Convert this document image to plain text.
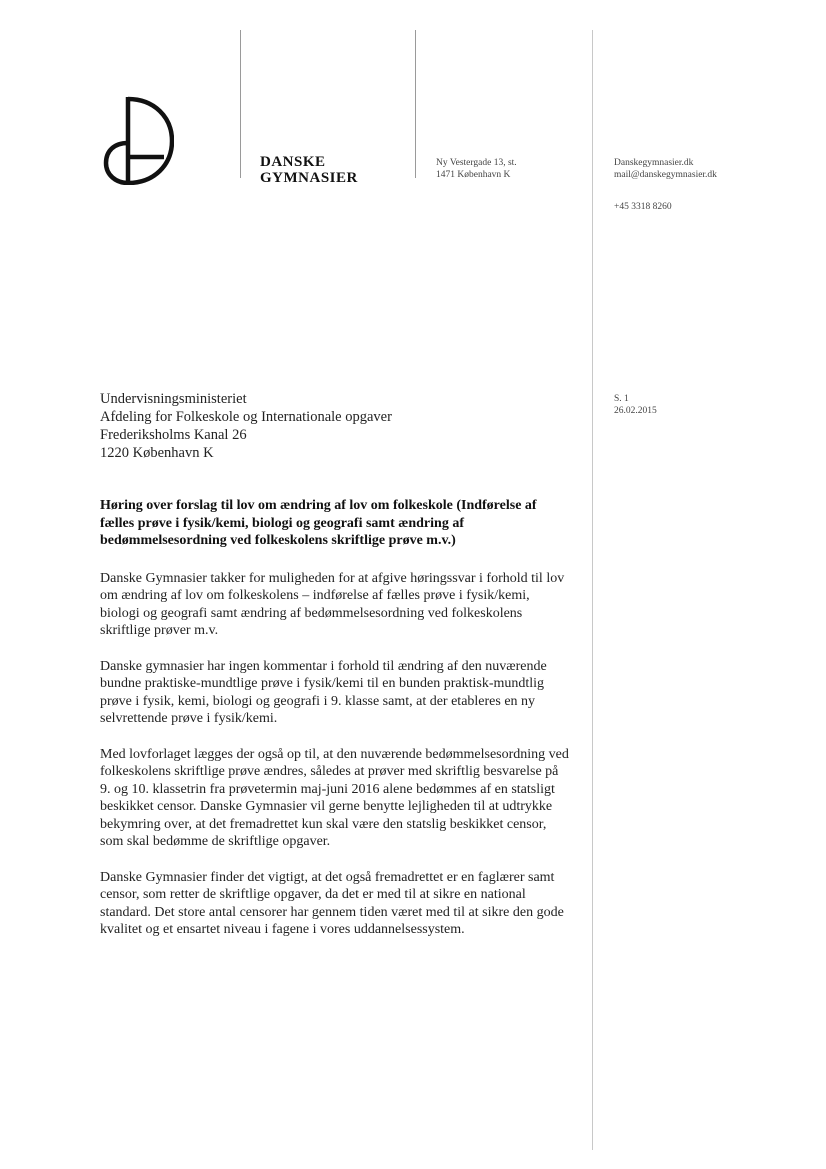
DANSKE
GYMNASIER
Ny Vestergade 13, st.
1471 København K
Danskegymnasier.dk
mail@danskegymnasier.dk
+45 3318 8260
S. 1
26.02.2015
Undervisningsministeriet
Afdeling for Folkeskole og Internationale opgaver
Frederiksholms Kanal 26
1220 København K

Høring over forslag til lov om ændring af lov om folkeskole (Indførelse af fælles prøve i fysik/kemi, biologi og geografi samt ændring af bedømmelsesordning ved folkeskolens skriftlige prøve m.v.)

Danske Gymnasier takker for muligheden for at afgive høringssvar i forhold til lov om ændring af lov om folkeskolens – indførelse af fælles prøve i fysik/kemi, biologi og geografi samt ændring af bedømmelsesordning ved folkeskolens skriftlige prøver m.v.

Danske gymnasier har ingen kommentar i forhold til ændring af den nuværende bundne praktiske-mundtlige prøve i fysik/kemi til en bunden praktisk-mundtlig prøve i fysik, kemi, biologi og geografi i 9. klasse samt, at der etableres en ny selvrettende prøve i fysik/kemi.

Med lovforlaget lægges der også op til, at den nuværende bedømmelsesordning ved folkeskolens skriftlige prøve ændres, således at prøver med skriftlig besvarelse på 9. og 10. klassetrin fra prøvetermin maj-juni 2016 alene bedømmes af en statsligt beskikket censor. Danske Gymnasier vil gerne benytte lejligheden til at udtrykke bekymring over, at det fremadrettet kun skal være den statslig beskikket censor, som skal bedømme de skriftlige opgaver.

Danske Gymnasier finder det vigtigt, at det også fremadrettet er en faglærer samt censor, som retter de skriftlige opgaver, da det er med til at sikre en national standard. Det store antal censorer har gennem tiden været med til at sikre den gode kvalitet og et ensartet niveau i fagene i vores uddannelsessystem.
